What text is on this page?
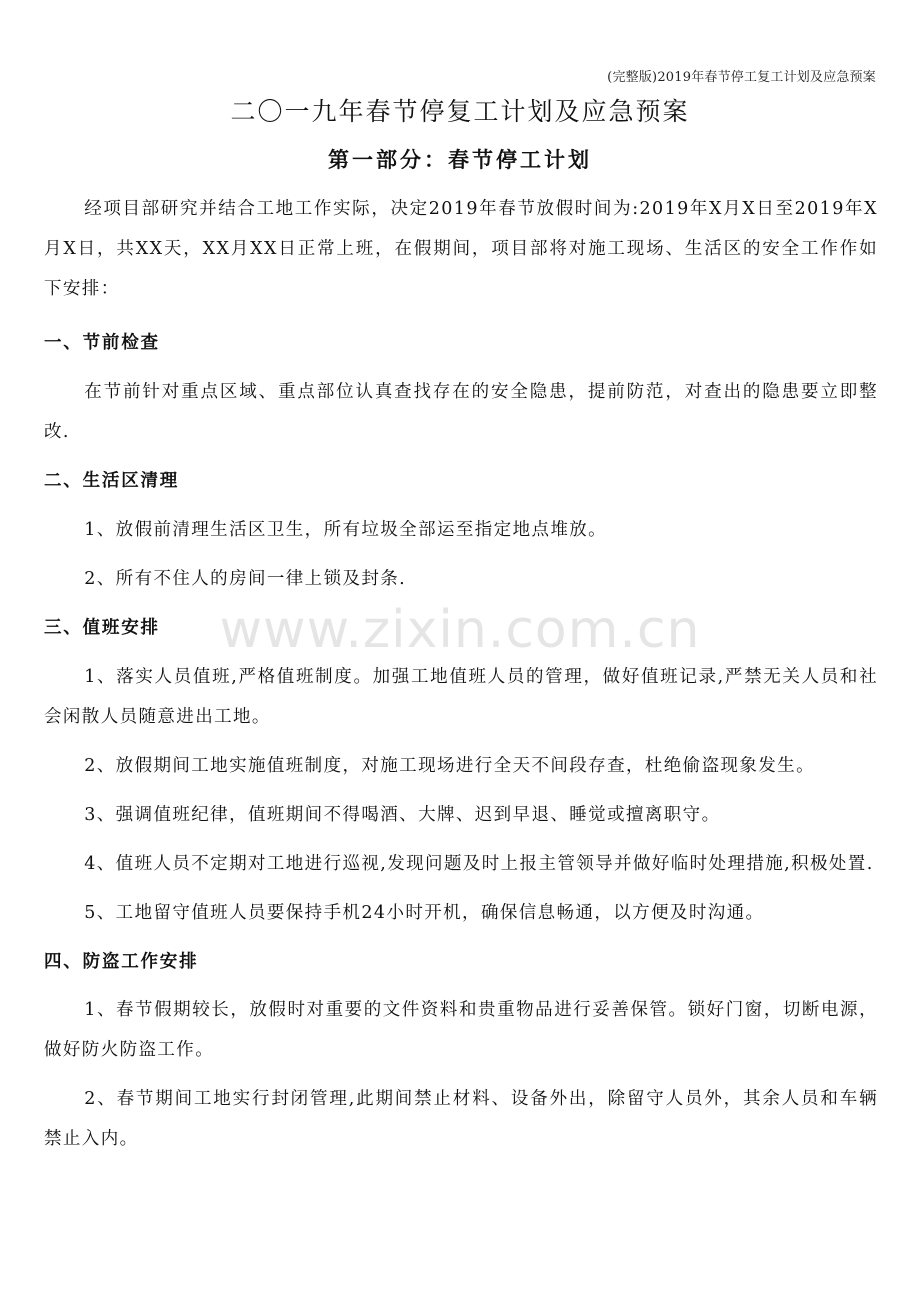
(完整版)2019年春节停工复工计划及应急预案
二〇一九年春节停复工计划及应急预案
第一部分：春节停工计划

经项目部研究并结合工地工作实际，决定2019年春节放假时间为:2019年X月X日至2019年X月X日，共XX天，XX月XX日正常上班，在假期间，项目部将对施工现场、生活区的安全工作作如下安排：

一、节前检查

在节前针对重点区域、重点部位认真查找存在的安全隐患，提前防范，对查出的隐患要立即整改.

二、生活区清理

1、放假前清理生活区卫生，所有垃圾全部运至指定地点堆放。

2、所有不住人的房间一律上锁及封条.

三、值班安排

1、落实人员值班,严格值班制度。加强工地值班人员的管理，做好值班记录,严禁无关人员和社会闲散人员随意进出工地。

2、放假期间工地实施值班制度，对施工现场进行全天不间段存查，杜绝偷盗现象发生。

3、强调值班纪律，值班期间不得喝酒、大牌、迟到早退、睡觉或擅离职守。

4、值班人员不定期对工地进行巡视,发现问题及时上报主管领导并做好临时处理措施,积极处置.

5、工地留守值班人员要保持手机24小时开机，确保信息畅通，以方便及时沟通。

四、防盗工作安排

1、春节假期较长，放假时对重要的文件资料和贵重物品进行妥善保管。锁好门窗，切断电源，做好防火防盗工作。

2、春节期间工地实行封闭管理,此期间禁止材料、设备外出，除留守人员外，其余人员和车辆禁止入内。

www.zixin.com.cn
